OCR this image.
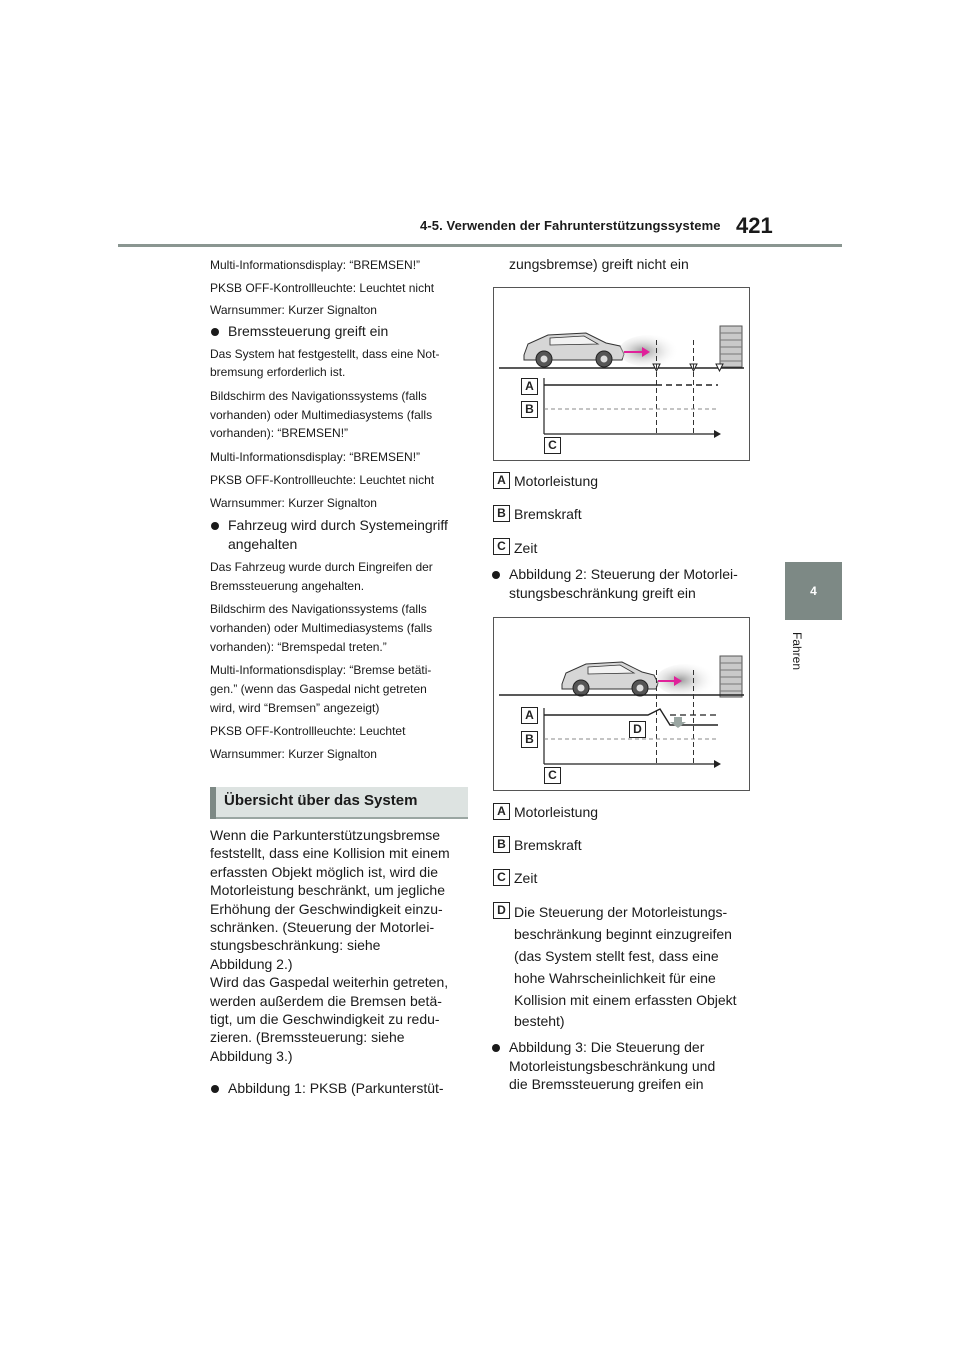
4-5. Verwenden der Fahrunterstützungssysteme 421
4
Fahren
Multi-Informationsdisplay: “BREMSEN!”
PKSB OFF-Kontrollleuchte: Leuchtet nicht
Warnsummer: Kurzer Signalton
Bremssteuerung greift ein
Das System hat festgestellt, dass eine Not-
bremsung erforderlich ist.
Bildschirm des Navigationssystems (falls
vorhanden) oder Multimediasystems (falls
vorhanden): “BREMSEN!”
Multi-Informationsdisplay: “BREMSEN!”
PKSB OFF-Kontrollleuchte: Leuchtet nicht
Warnsummer: Kurzer Signalton
Fahrzeug wird durch Systemeingriff
angehalten
Das Fahrzeug wurde durch Eingreifen der
Bremssteuerung angehalten.
Bildschirm des Navigationssystems (falls
vorhanden) oder Multimediasystems (falls
vorhanden): “Bremspedal treten.”
Multi-Informationsdisplay: “Bremse betäti-
gen.” (wenn das Gaspedal nicht getreten
wird, wird “Bremsen” angezeigt)
PKSB OFF-Kontrollleuchte: Leuchtet
Warnsummer: Kurzer Signalton
Übersicht über das System

Wenn die Parkunterstützungsbremse

feststellt, dass eine Kollision mit einem

erfassten Objekt möglich ist, wird die

Motorleistung beschränkt, um jegliche

Erhöhung der Geschwindigkeit einzu-

schränken. (Steuerung der Motorlei-

stungsbeschränkung: siehe

Abbildung 2.)

Wird das Gaspedal weiterhin getreten,

werden außerdem die Bremsen betä-

tigt, um die Geschwindigkeit zu redu-

zieren. (Bremssteuerung: siehe

Abbildung 3.)

Abbildung 1: PKSB (Parkunterstüt-
zungsbremse) greift nicht ein
A
B
C
A Motorleistung
B Bremskraft
C Zeit
Abbildung 2: Steuerung der Motorlei-
stungsbeschränkung greift ein
A
B
C
D
A Motorleistung
B Bremskraft
C Zeit
D Die Steuerung der Motorleistungs-
beschränkung beginnt einzugreifen
(das System stellt fest, dass eine
hohe Wahrscheinlichkeit für eine
Kollision mit einem erfassten Objekt
besteht)
Abbildung 3: Die Steuerung der
Motorleistungsbeschränkung und
die Bremssteuerung greifen ein
